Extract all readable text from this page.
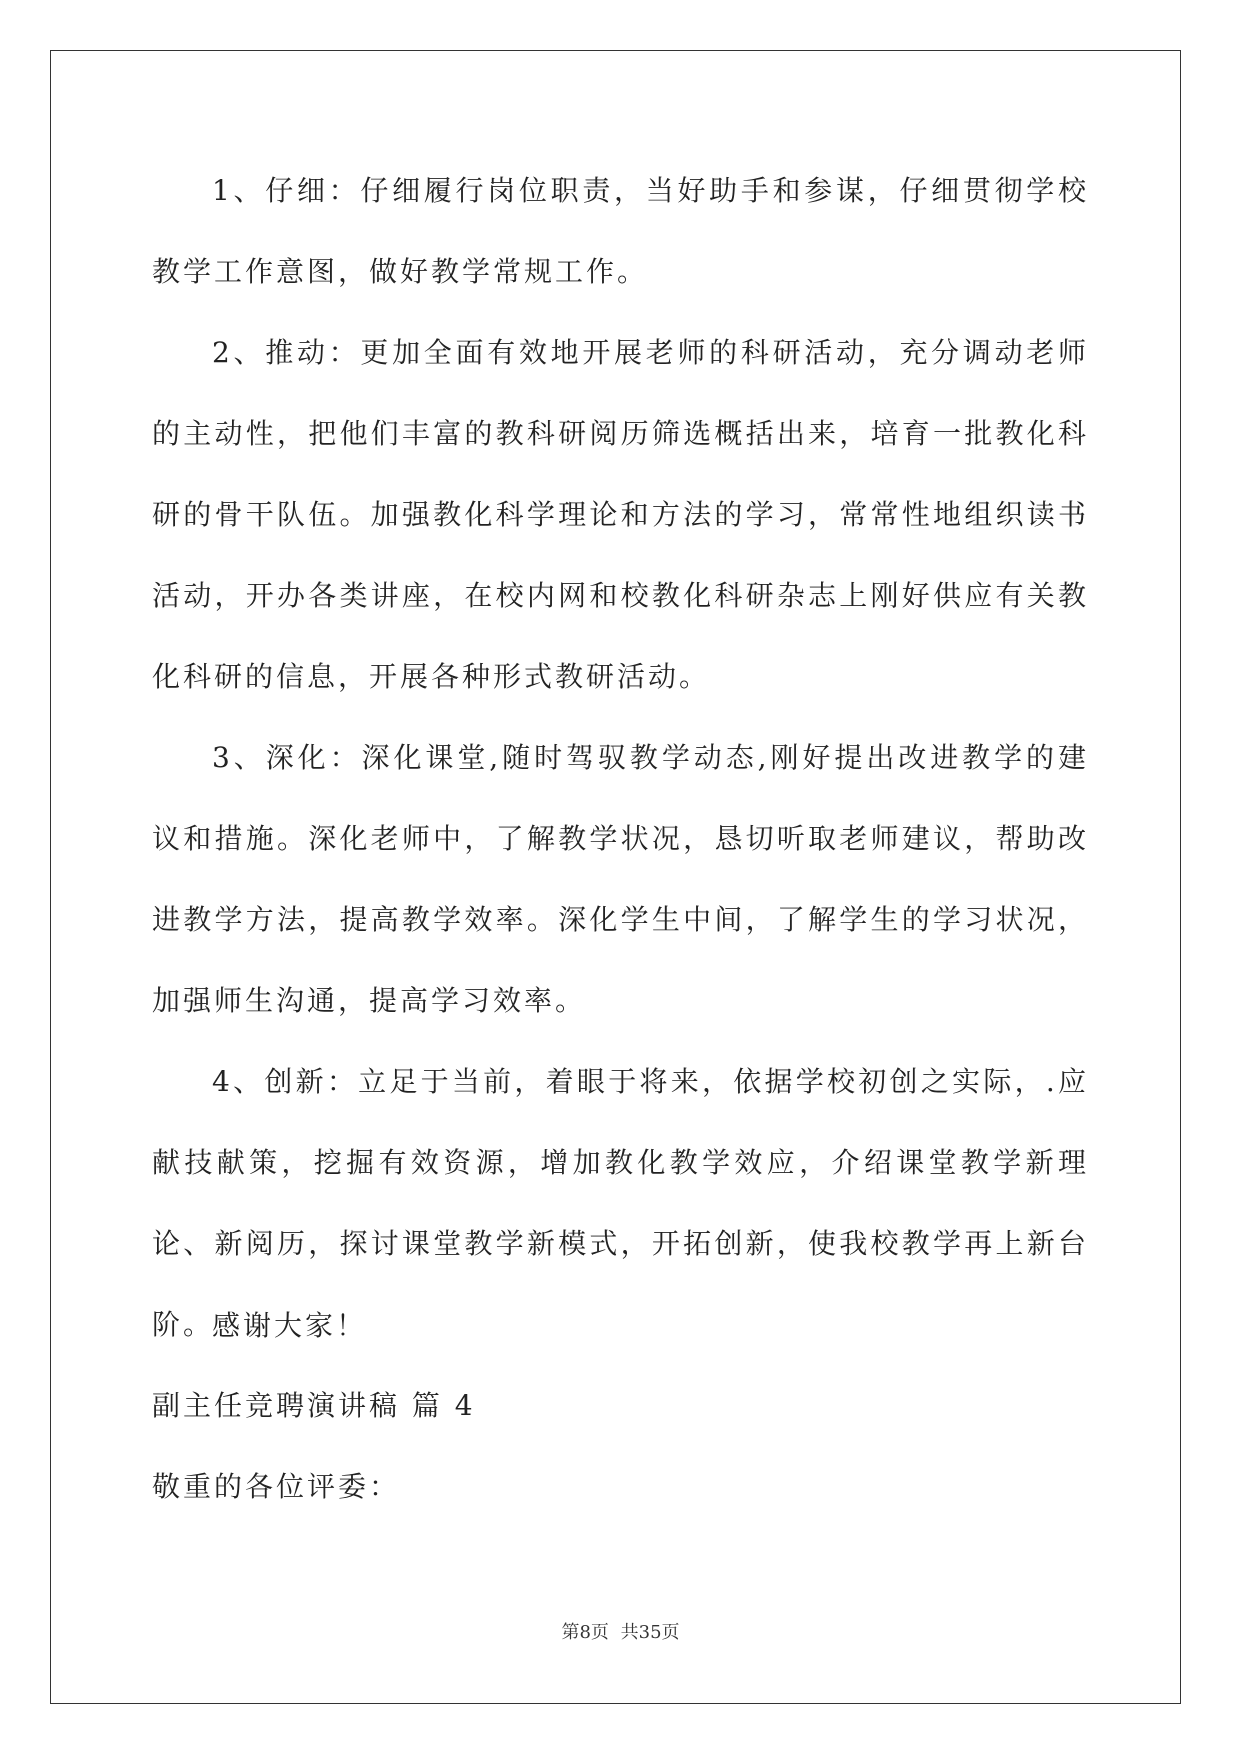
1、仔细：仔细履行岗位职责，当好助手和参谋，仔细贯彻学校教学工作意图，做好教学常规工作。

2、推动：更加全面有效地开展老师的科研活动，充分调动老师的主动性，把他们丰富的教科研阅历筛选概括出来，培育一批教化科研的骨干队伍。加强教化科学理论和方法的学习，常常性地组织读书活动，开办各类讲座，在校内网和校教化科研杂志上刚好供应有关教化科研的信息，开展各种形式教研活动。

3、深化：深化课堂,随时驾驭教学动态,刚好提出改进教学的建议和措施。深化老师中，了解教学状况，恳切听取老师建议，帮助改进教学方法，提高教学效率。深化学生中间，了解学生的学习状况，加强师生沟通，提高学习效率。

4、创新：立足于当前，着眼于将来，依据学校初创之实际，.应献技献策，挖掘有效资源，增加教化教学效应，介绍课堂教学新理论、新阅历，探讨课堂教学新模式，开拓创新，使我校教学再上新台阶。

感谢大家！

副主任竞聘演讲稿 篇 4

敬重的各位评委：

第8页 共35页
